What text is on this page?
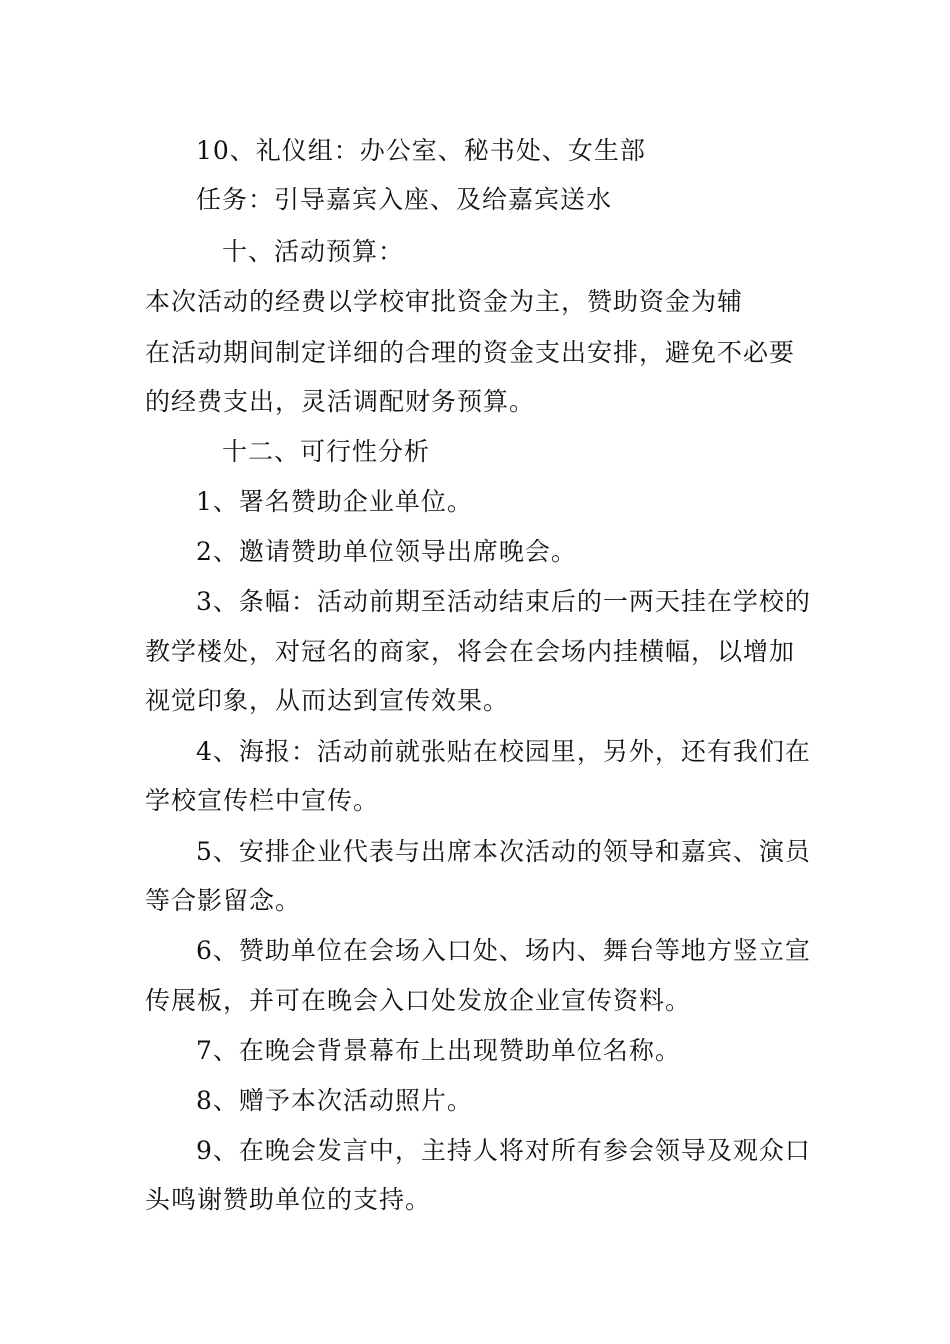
10、礼仪组：办公室、秘书处、女生部
任务：引导嘉宾入座、及给嘉宾送水
十、活动预算：
本次活动的经费以学校审批资金为主，赞助资金为辅
在活动期间制定详细的合理的资金支出安排，避免不必要
的经费支出，灵活调配财务预算。
十二、可行性分析
1、署名赞助企业单位。
2、邀请赞助单位领导出席晚会。
3、条幅：活动前期至活动结束后的一两天挂在学校的
教学楼处，对冠名的商家，将会在会场内挂横幅，以增加
视觉印象，从而达到宣传效果。
4、海报：活动前就张贴在校园里，另外，还有我们在
学校宣传栏中宣传。
5、安排企业代表与出席本次活动的领导和嘉宾、演员
等合影留念。
6、赞助单位在会场入口处、场内、舞台等地方竖立宣
传展板，并可在晚会入口处发放企业宣传资料。
7、在晚会背景幕布上出现赞助单位名称。
8、赠予本次活动照片。
9、在晚会发言中，主持人将对所有参会领导及观众口
头鸣谢赞助单位的支持。
